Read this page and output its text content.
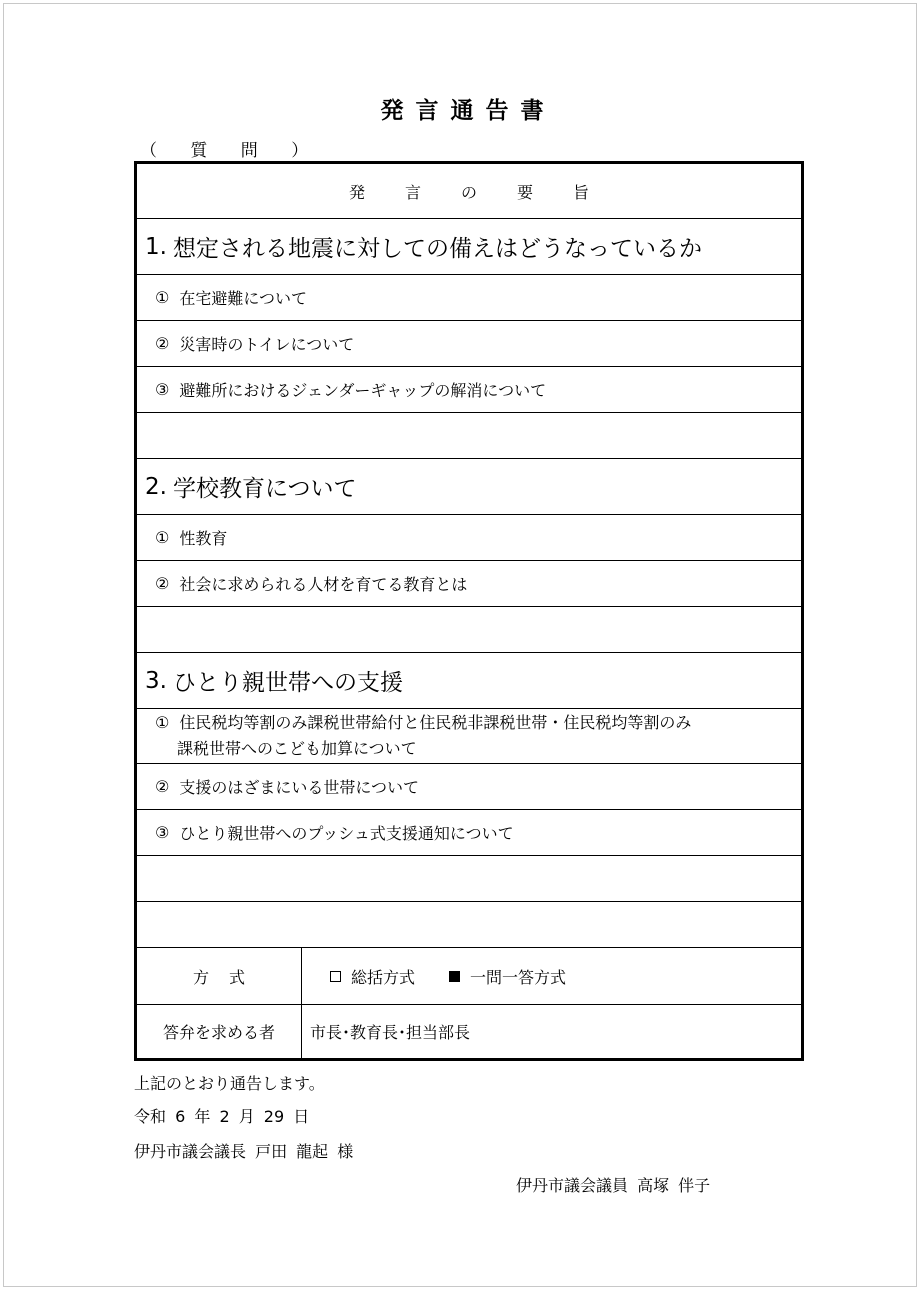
発言通告書
（ 質 問 ）
発言の要旨
1. 想定される地震に対しての備えはどうなっているか
① 在宅避難について
② 災害時のトイレについて
③ 避難所におけるジェンダーギャップの解消について
2. 学校教育について
① 性教育
② 社会に求められる人材を育てる教育とは
3. ひとり親世帯への支援
① 住民税均等割のみ課税世帯給付と住民税非課税世帯・住民税均等割のみ
課税世帯へのこども加算について
② 支援のはざまにいる世帯について
③ ひとり親世帯へのプッシュ式支援通知について
方式	総括方式	一問一答方式
答弁を求める者 市長･教育長･担当部長
上記のとおり通告します。
令和 6 年 2 月 29 日
伊丹市議会議長 戸田 龍起 様
伊丹市議会議員 高塚 伴子
